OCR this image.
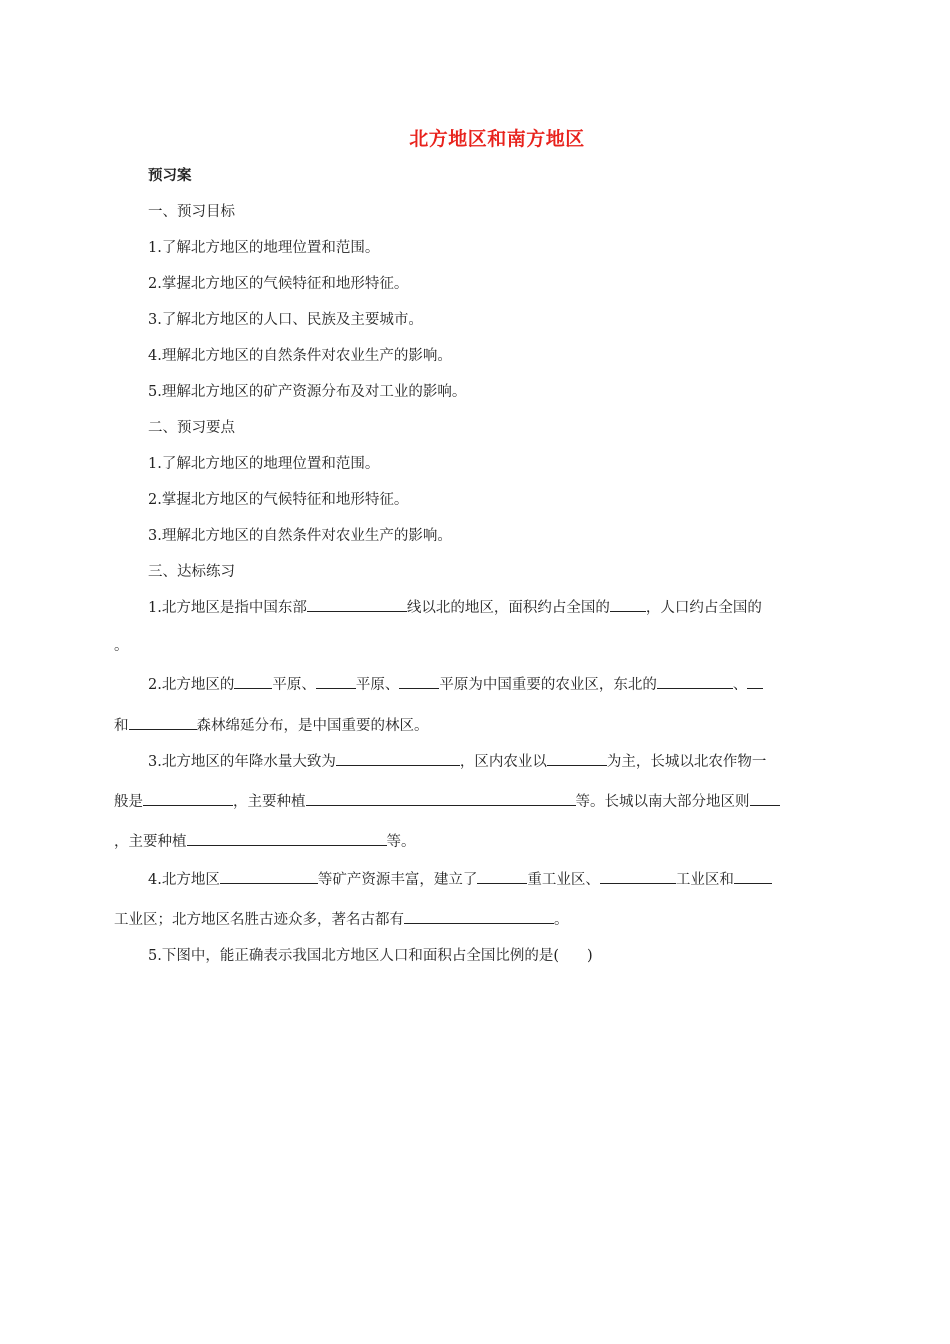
北方地区和南方地区
预习案
一、预习目标
1.了解北方地区的地理位置和范围。
2.掌握北方地区的气候特征和地形特征。
3.了解北方地区的人口、民族及主要城市。
4.理解北方地区的自然条件对农业生产的影响。
5.理解北方地区的矿产资源分布及对工业的影响。
二、预习要点
1.了解北方地区的地理位置和范围。
2.掌握北方地区的气候特征和地形特征。
3.理解北方地区的自然条件对农业生产的影响。
三、达标练习
1.北方地区是指中国东部	线以北的地区，面积约占全国的 ，人口约占全国的
。
2.北方地区的	平原、	平原、	平原为中国重要的农业区，东北的	、
和	森林绵延分布，是中国重要的林区。
3.北方地区的年降水量大致为	，区内农业以	为主，长城以北农作物一
般是	，主要种植	等。长城以南大部分地区则
，主要种植	等。
4.北方地区	等矿产资源丰富，建立了	重工业区、	工业区和
工业区；北方地区名胜古迹众多，著名古都有	。
5.下图中，能正确表示我国北方地区人口和面积占全国比例的是( )
